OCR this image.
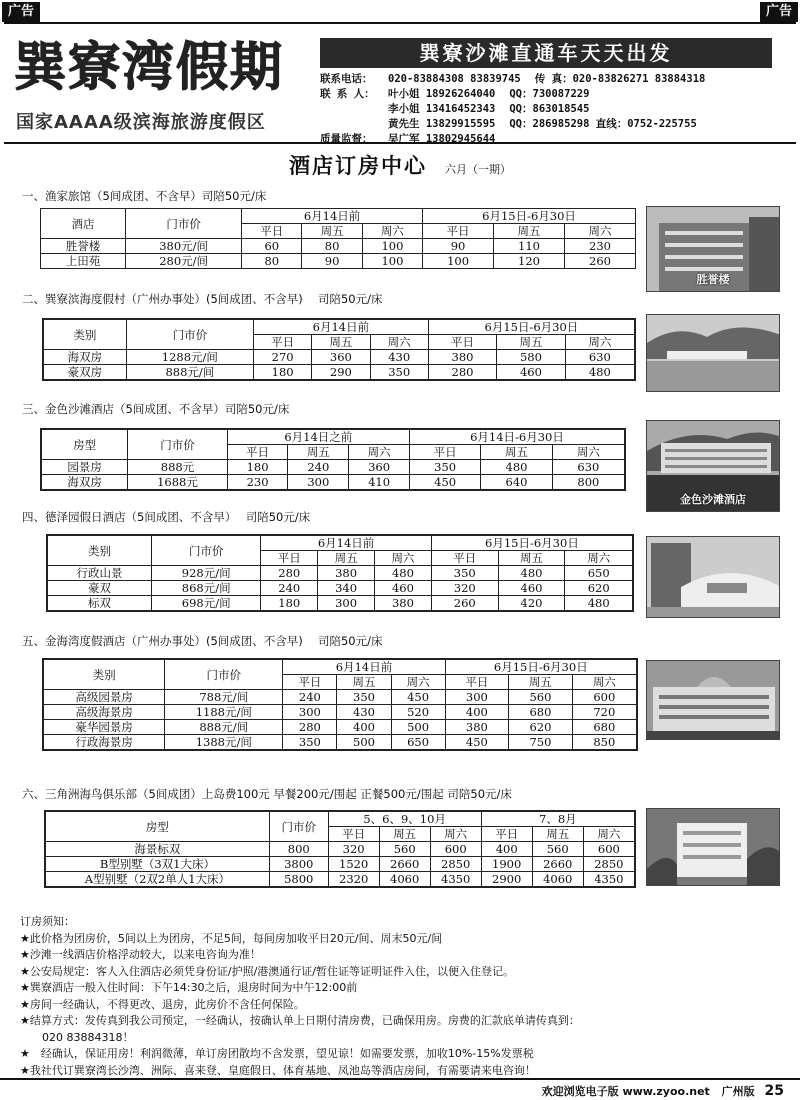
广告	广告
巽寮湾假期
国家AAAA级滨海旅游度假区
巽寮沙滩直通车天天出发
联系电话： 020-83884308 83839745 传 真：020-83826271 83884318
联 系 人： 叶小姐 18926264040 QQ：730087229
李小姐 13416452343 QQ：863018545
黄先生 13829915595 QQ：286985298 直线：0752-225755
质量监督： 吴广军 13802945644
酒店订房中心 六月（一期）
一、渔家旅馆（5间成团、不含早）司陪50元/床
二、巽寮滨海度假村（广州办事处）(5间成团、不含早)　 司陪50元/床
三、金色沙滩酒店（5间成团、不含早）司陪50元/床
四、德泽园假日酒店（5间成团、不含早）　 司陪50元/床
五、金海湾度假酒店（广州办事处）(5间成团、不含早)　 司陪50元/床
六、三角洲海鸟俱乐部（5间成团）上岛费100元 早餐200元/围起 正餐500元/围起 司陪50元/床
酒店	门市价	6月14日前			6月15日-6月30日		
		平日	周五	周六	平日	周五	周六
胜誉楼	380元/间	60	80	100	90	110	230
上田苑	280元/间	80	90	100	100	120	260
类别	门市价	6月14日前			6月15日-6月30日		
		平日	周五	周六	平日	周五	周六
海双房	1288元/间	270	360	430	380	580	630
豪双房	888元/间	180	290	350	280	460	480
房型	门市价	6月14日之前			6月14日-6月30日		
		平日	周五	周六	平日	周五	周六
园景房	888元	180	240	360	350	480	630
海双房	1688元	230	300	410	450	640	800
类别	门市价	6月14日前			6月15日-6月30日		
		平日	周五	周六	平日	周五	周六
行政山景	928元/间	280	380	480	350	480	650
豪双	868元/间	240	340	460	320	460	620
标双	698元/间	180	300	380	260	420	480
类别	门市价	6月14日前			6月15日-6月30日		
		平日	周五	周六	平日	周五	周六
高级园景房	788元/间	240	350	450	300	560	600
高级海景房	1188元/间	300	430	520	400	680	720
豪华园景房	888元/间	280	400	500	380	620	680
行政海景房	1388元/间	350	500	650	450	750	850
房型	门市价	5、6、9、10月			7、8月		
		平日	周五	周六	平日	周五	周六
海景标双	800	320	560	600	400	560	600
B型别墅（3双1大床）	3800	1520	2660	2850	1900	2660	2850
A型别墅（2双2单人1大床）	5800	2320	4060	4350	2900	4060	4350
胜誉楼
金色沙滩酒店
订房须知：
★此价格为团房价，5间以上为团房，不足5间，每间房加收平日20元/间、周末50元/间
★沙滩一线酒店价格浮动较大，以来电咨询为准！
★公安局规定：客人入住酒店必须凭身份证/护照/港澳通行证/暂住证等证明证件入住，以便入住登记。
★巽寮酒店一般入住时间：下午14:30之后，退房时间为中午12:00前
★房间一经确认，不得更改、退房，此房价不含任何保险。
★结算方式：发传真到我公司预定，一经确认，按确认单上日期付清房费，已确保用房。房费的汇款底单请传真到：
　　020 83884318！
★　经确认，保证用房！利润微薄，单订房团散均不含发票，望见谅！如需要发票，加收10%-15%发票税
★我社代订巽寮湾长沙湾、洲际、喜来登、皇庭假日、体育基地、凤池岛等酒店房间，有需要请来电咨询！
欢迎浏览电子版 www.zyoo.net 广州版 25
